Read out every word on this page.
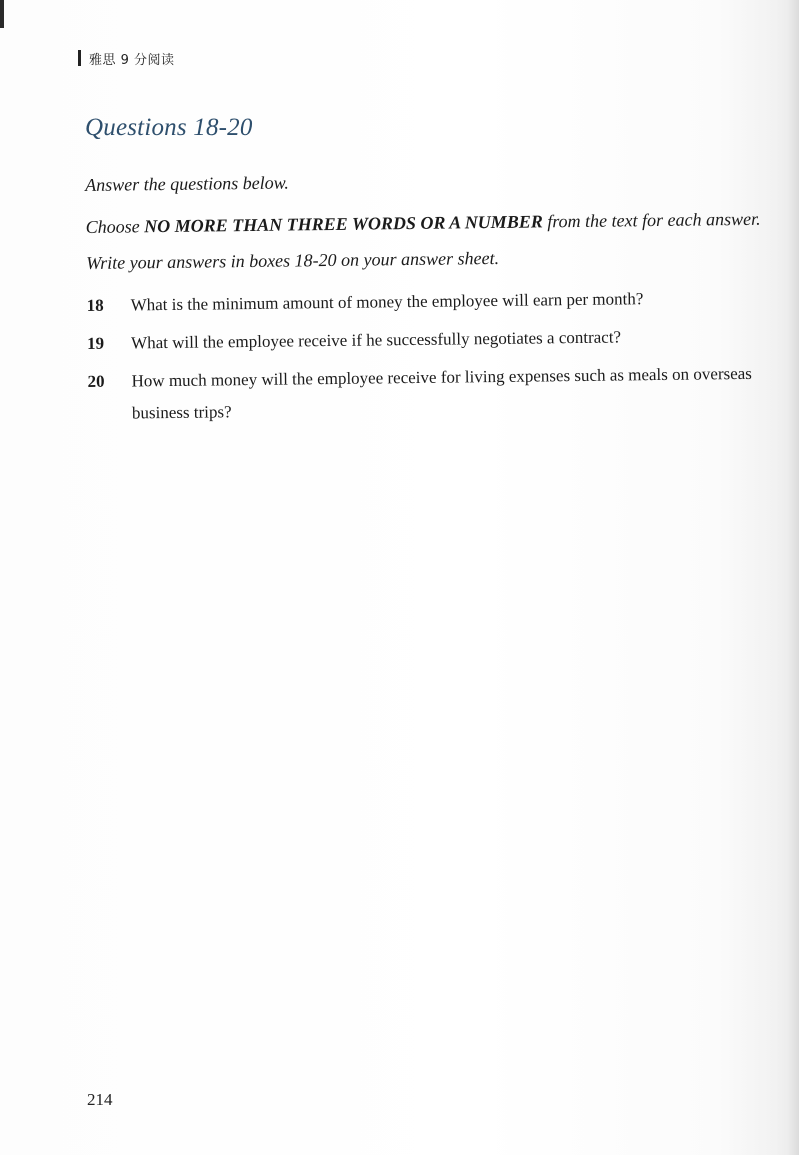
雅思 9 分阅读
Questions 18-20

Answer the questions below.

Choose NO MORE THAN THREE WORDS OR A NUMBER from the text for each answer.

Write your answers in boxes 18-20 on your answer sheet.

18	What is the minimum amount of money the employee will earn per month?
19	What will the employee receive if he successfully negotiates a contract?
20	How much money will the employee receive for living expenses such as meals on overseas business trips?
214
